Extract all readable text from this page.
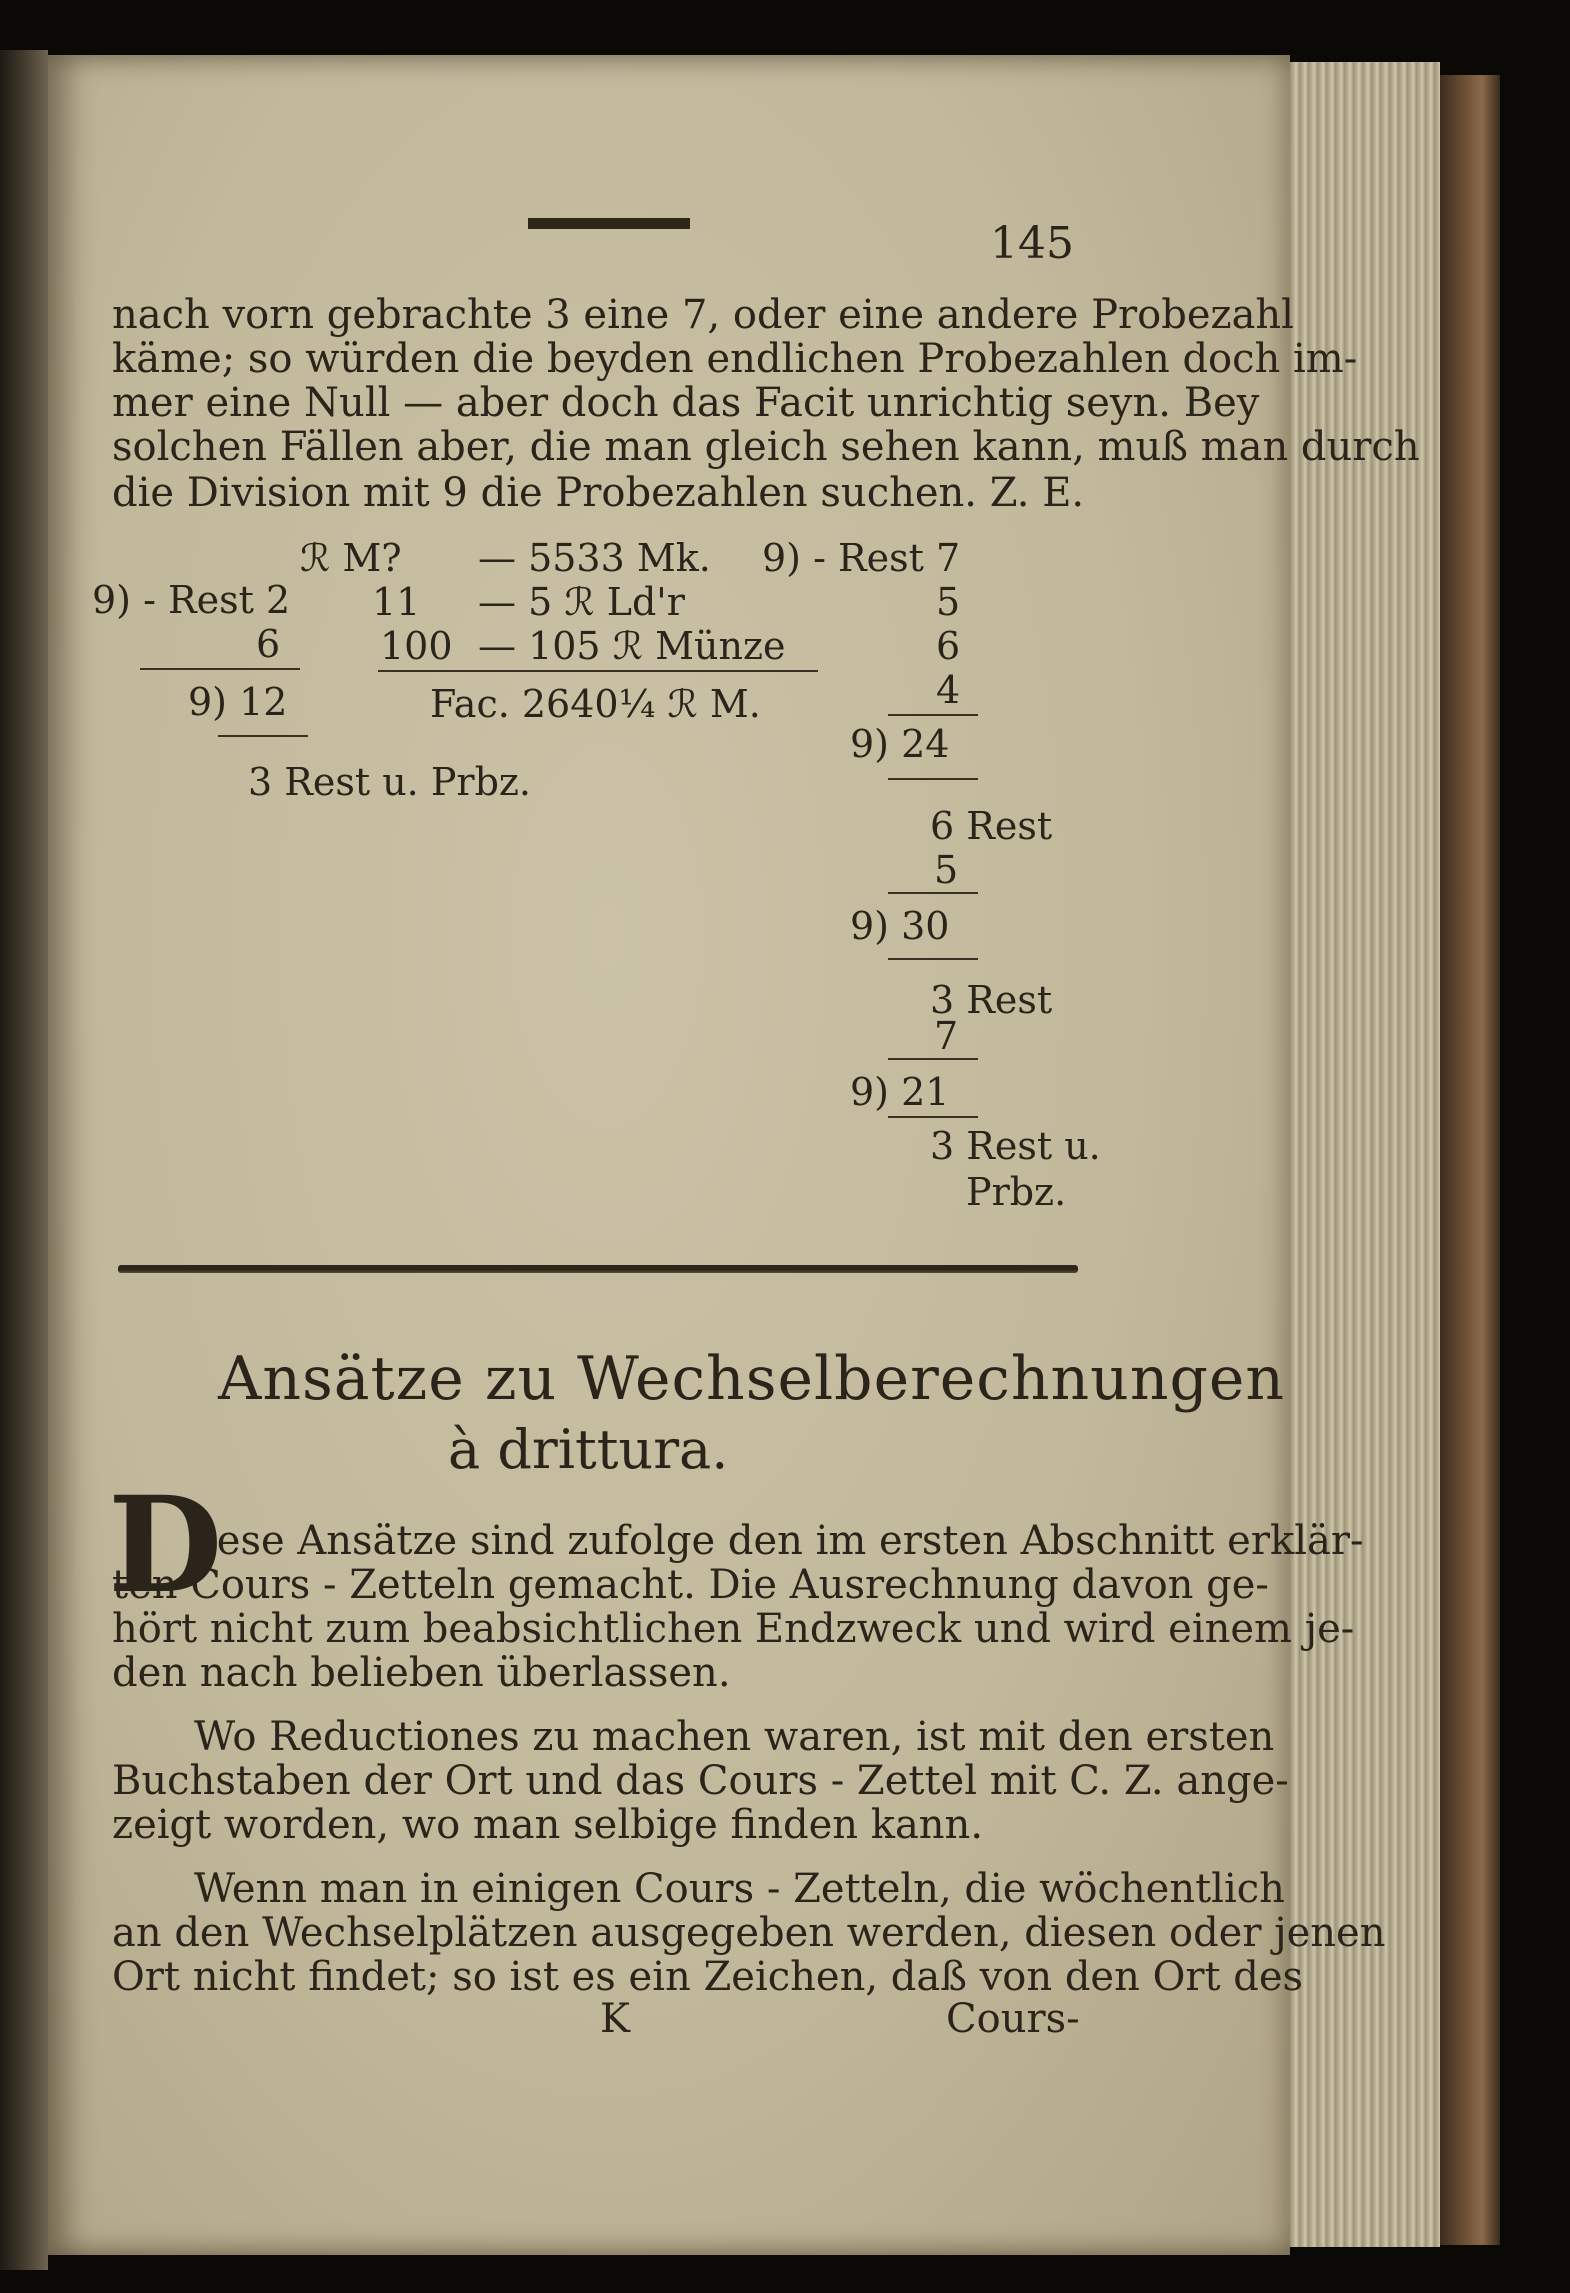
145
nach vorn gebrachte 3 eine 7, oder eine andere Probezahl
käme; so würden die beyden endlichen Probezahlen doch im-
mer eine Null — aber doch das Facit unrichtig seyn. Bey
solchen Fällen aber, die man gleich sehen kann, muß man durch
die Division mit 9 die Probezahlen suchen. Z. E.
9) - Rest 2
6
9) 12
3 Rest u. Prbz.
ℛ M? — 5533 Mk.
11 — 5 ℛ Ld'r
100 — 105 ℛ Münze
Fac. 2640¼ ℛ M.
9) - Rest 7
5
6
4
9) 24
6 Rest
5
9) 30
3 Rest
7
9) 21
3 Rest u.
Prbz.
Ansätze zu Wechselberechnungen
à drittura.
D
iese Ansätze sind zufolge den im ersten Abschnitt erklär-
ten Cours - Zetteln gemacht. Die Ausrechnung davon ge-
hört nicht zum beabsichtlichen Endzweck und wird einem je-
den nach belieben überlassen.
Wo Reductiones zu machen waren, ist mit den ersten
Buchstaben der Ort und das Cours - Zettel mit C. Z. ange-
zeigt worden, wo man selbige finden kann.
Wenn man in einigen Cours - Zetteln, die wöchentlich
an den Wechselplätzen ausgegeben werden, diesen oder jenen
Ort nicht findet; so ist es ein Zeichen, daß von den Ort des
K	Cours-
